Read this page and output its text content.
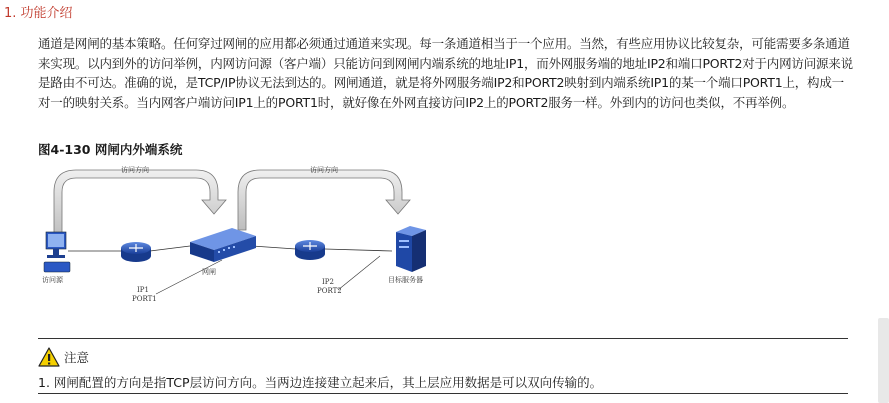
1. 功能介绍
通道是网闸的基本策略。任何穿过网闸的应用都必须通过通道来实现。每一条通道相当于一个应用。当然，有些应用协议比较复杂，可能需要多条通道来实现。以内到外的访问举例，内网访问源（客户端）只能访问到网闸内端系统的地址IP1，而外网服务端的地址IP2和端口PORT2对于内网访问源来说是路由不可达。准确的说，是TCP/IP协议无法到达的。网闸通道，就是将外网服务端IP2和PORT2映射到内端系统IP1的某一个端口PORT1上，构成一对一的映射关系。当内网客户端访问IP1上的PORT1时，就好像在外网直接访问IP2上的PORT2服务一样。外到内的访问也类似，不再举例。
图4-130 网闸内外端系统
访问方向	访问方向
访问源
网闸
目标服务器
IP1
PORT1
IP2
PORT2
注意
1. 网闸配置的方向是指TCP层访问方向。当两边连接建立起来后，其上层应用数据是可以双向传输的。
